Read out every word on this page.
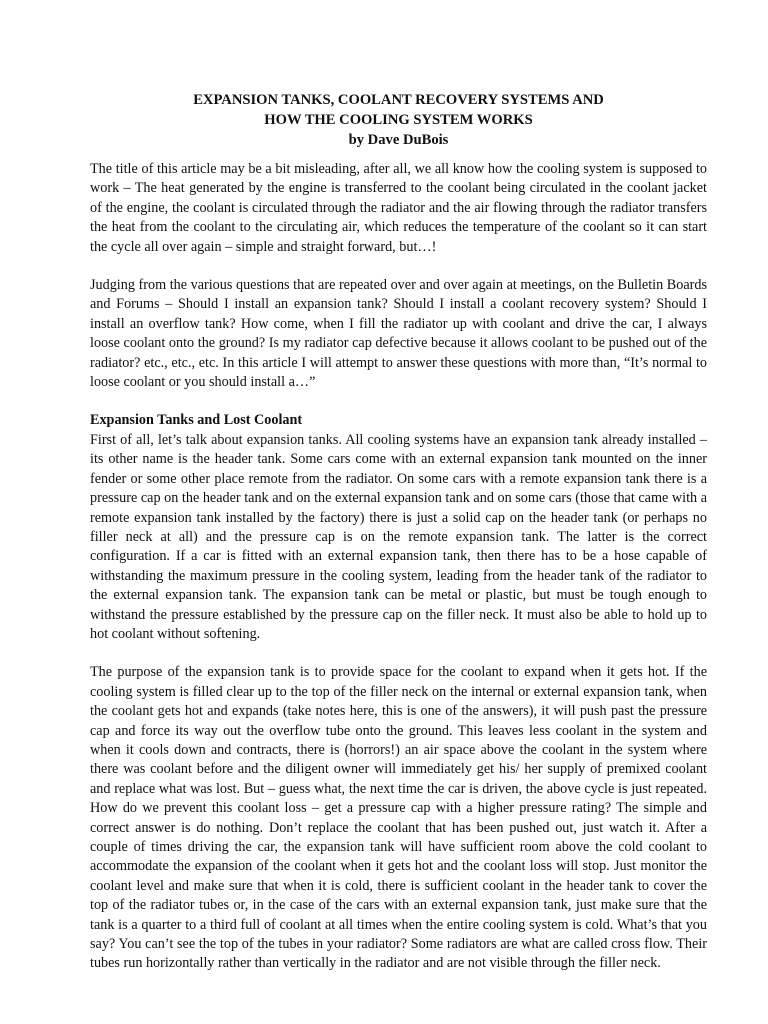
EXPANSION TANKS, COOLANT RECOVERY SYSTEMS AND
HOW THE COOLING SYSTEM WORKS
by Dave DuBois

The title of this article may be a bit misleading, after all, we all know how the cooling system is supposed to work – The heat generated by the engine is transferred to the coolant being circulated in the coolant jacket of the engine, the coolant is circulated through the radiator and the air flowing through the radiator transfers the heat from the coolant to the circulating air, which reduces the temperature of the coolant so it can start the cycle all over again – simple and straight forward, but…!

Judging from the various questions that are repeated over and over again at meetings, on the Bulletin Boards and Forums – Should I install an expansion tank? Should I install a coolant recovery system? Should I install an overflow tank? How come, when I fill the radiator up with coolant and drive the car, I always loose coolant onto the ground? Is my radiator cap defective because it allows coolant to be pushed out of the radiator? etc., etc., etc. In this article I will attempt to answer these questions with more than, “It’s normal to loose coolant or you should install a…”

Expansion Tanks and Lost Coolant

First of all, let’s talk about expansion tanks. All cooling systems have an expansion tank already installed – its other name is the header tank. Some cars come with an external expansion tank mounted on the inner fender or some other place remote from the radiator. On some cars with a remote expansion tank there is a pressure cap on the header tank and on the external expansion tank and on some cars (those that came with a remote expansion tank installed by the factory) there is just a solid cap on the header tank (or perhaps no filler neck at all) and the pressure cap is on the remote expansion tank. The latter is the correct configuration. If a car is fitted with an external expansion tank, then there has to be a hose capable of withstanding the maximum pressure in the cooling system, leading from the header tank of the radiator to the external expansion tank. The expansion tank can be metal or plastic, but must be tough enough to withstand the pressure established by the pressure cap on the filler neck. It must also be able to hold up to hot coolant without softening.

The purpose of the expansion tank is to provide space for the coolant to expand when it gets hot. If the cooling system is filled clear up to the top of the filler neck on the internal or external expansion tank, when the coolant gets hot and expands (take notes here, this is one of the answers), it will push past the pressure cap and force its way out the overflow tube onto the ground. This leaves less coolant in the system and when it cools down and contracts, there is (horrors!) an air space above the coolant in the system where there was coolant before and the diligent owner will immediately get his/ her supply of premixed coolant and replace what was lost. But – guess what, the next time the car is driven, the above cycle is just repeated. How do we prevent this coolant loss – get a pressure cap with a higher pressure rating? The simple and correct answer is do nothing. Don’t replace the coolant that has been pushed out, just watch it. After a couple of times driving the car, the expansion tank will have sufficient room above the cold coolant to accommodate the expansion of the coolant when it gets hot and the coolant loss will stop. Just monitor the coolant level and make sure that when it is cold, there is sufficient coolant in the header tank to cover the top of the radiator tubes or, in the case of the cars with an external expansion tank, just make sure that the tank is a quarter to a third full of coolant at all times when the entire cooling system is cold. What’s that you say? You can’t see the top of the tubes in your radiator? Some radiators are what are called cross flow. Their tubes run horizontally rather than vertically in the radiator and are not visible through the filler neck.
